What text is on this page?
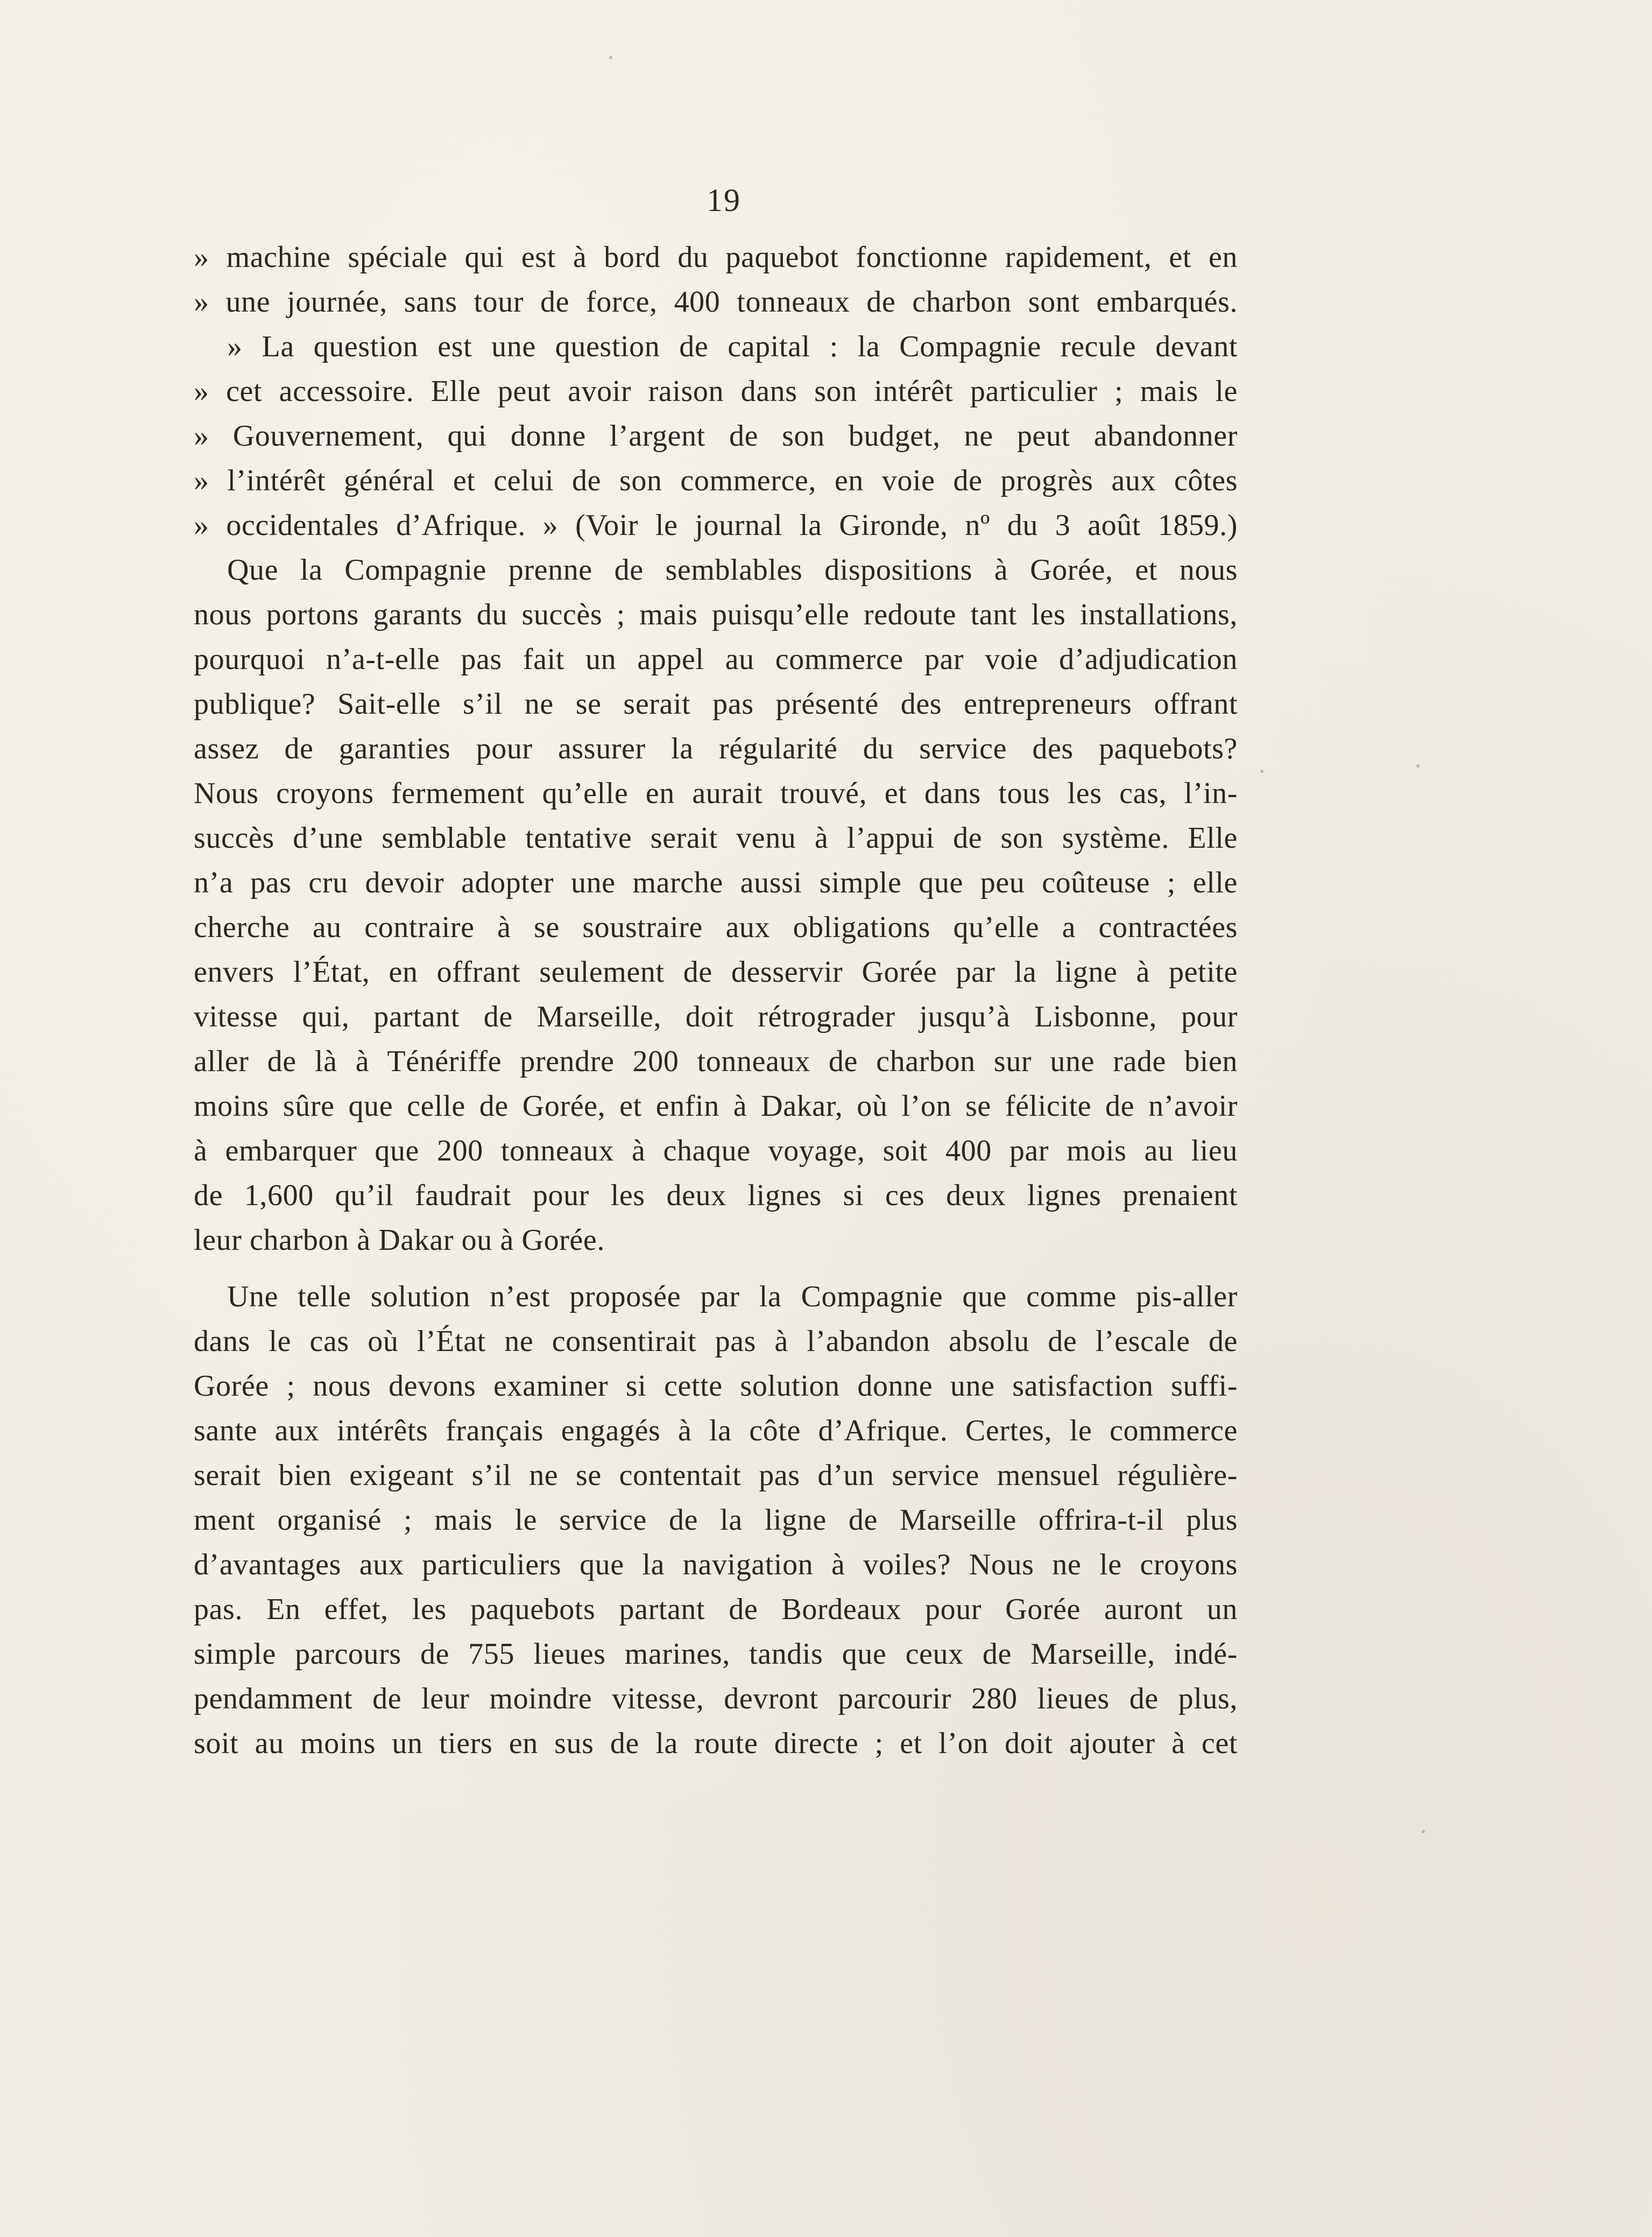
19
» machine spéciale qui est à bord du paquebot fonctionne rapidement, et en
» une journée, sans tour de force, 400 tonneaux de charbon sont embarqués.
» La question est une question de capital : la Compagnie recule devant
» cet accessoire. Elle peut avoir raison dans son intérêt particulier ; mais le
» Gouvernement, qui donne l’argent de son budget, ne peut abandonner
» l’intérêt général et celui de son commerce, en voie de progrès aux côtes
» occidentales d’Afrique. » (Voir le journal la Gironde, nº du 3 août 1859.)
Que la Compagnie prenne de semblables dispositions à Gorée, et nous
nous portons garants du succès ; mais puisqu’elle redoute tant les installations,
pourquoi n’a-t-elle pas fait un appel au commerce par voie d’adjudication
publique? Sait-elle s’il ne se serait pas présenté des entrepreneurs offrant
assez de garanties pour assurer la régularité du service des paquebots?
Nous croyons fermement qu’elle en aurait trouvé, et dans tous les cas, l’in-
succès d’une semblable tentative serait venu à l’appui de son système. Elle
n’a pas cru devoir adopter une marche aussi simple que peu coûteuse ; elle
cherche au contraire à se soustraire aux obligations qu’elle a contractées
envers l’État, en offrant seulement de desservir Gorée par la ligne à petite
vitesse qui, partant de Marseille, doit rétrograder jusqu’à Lisbonne, pour
aller de là à Ténériffe prendre 200 tonneaux de charbon sur une rade bien
moins sûre que celle de Gorée, et enfin à Dakar, où l’on se félicite de n’avoir
à embarquer que 200 tonneaux à chaque voyage, soit 400 par mois au lieu
de 1,600 qu’il faudrait pour les deux lignes si ces deux lignes prenaient
leur charbon à Dakar ou à Gorée.
Une telle solution n’est proposée par la Compagnie que comme pis-aller
dans le cas où l’État ne consentirait pas à l’abandon absolu de l’escale de
Gorée ; nous devons examiner si cette solution donne une satisfaction suffi-
sante aux intérêts français engagés à la côte d’Afrique. Certes, le commerce
serait bien exigeant s’il ne se contentait pas d’un service mensuel régulière-
ment organisé ; mais le service de la ligne de Marseille offrira-t-il plus
d’avantages aux particuliers que la navigation à voiles? Nous ne le croyons
pas. En effet, les paquebots partant de Bordeaux pour Gorée auront un
simple parcours de 755 lieues marines, tandis que ceux de Marseille, indé-
pendamment de leur moindre vitesse, devront parcourir 280 lieues de plus,
soit au moins un tiers en sus de la route directe ; et l’on doit ajouter à cet
